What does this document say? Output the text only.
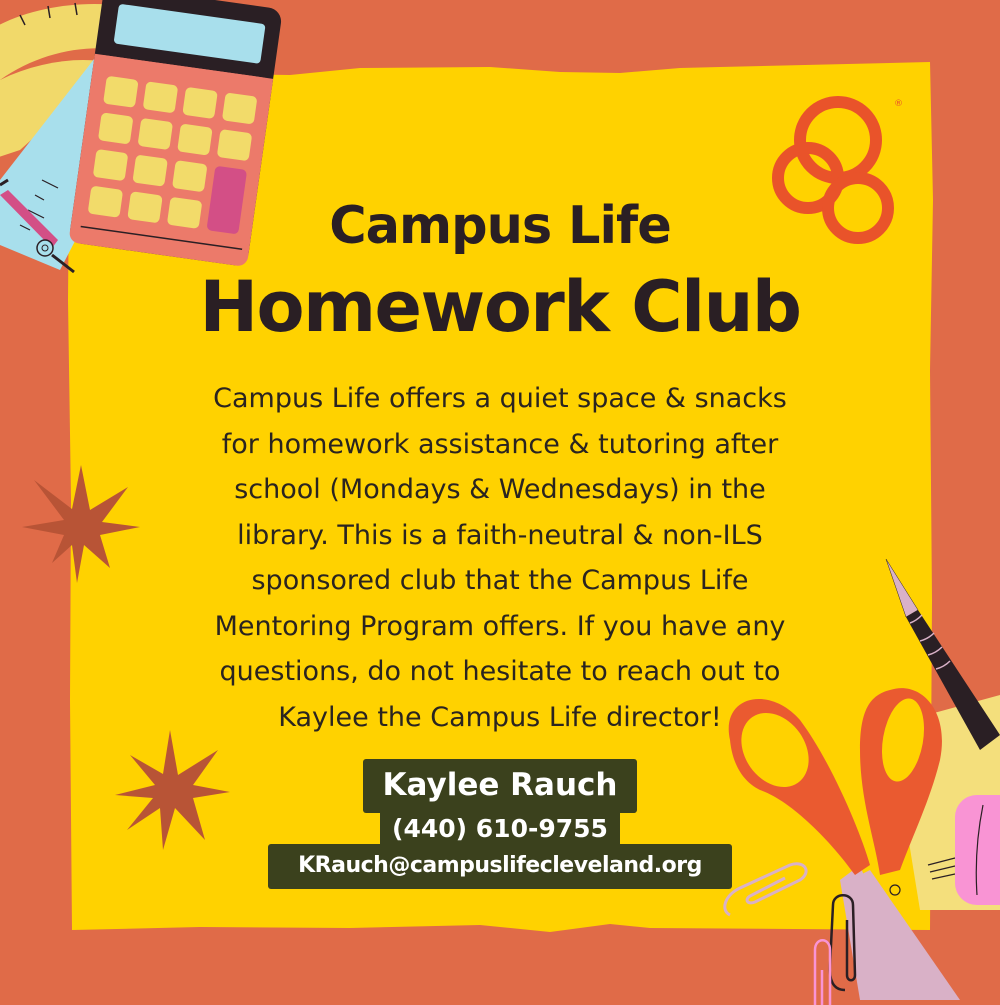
®
Campus Life
Homework Club
Campus Life offers a quiet space & snacks
for homework assistance & tutoring after
school (Mondays & Wednesdays) in the
library. This is a faith-neutral & non-ILS
sponsored club that the Campus Life
Mentoring Program offers. If you have any
questions, do not hesitate to reach out to
Kaylee the Campus Life director!
Kaylee Rauch
KRauch@campuslifecleveland.org
(440) 610-9755
